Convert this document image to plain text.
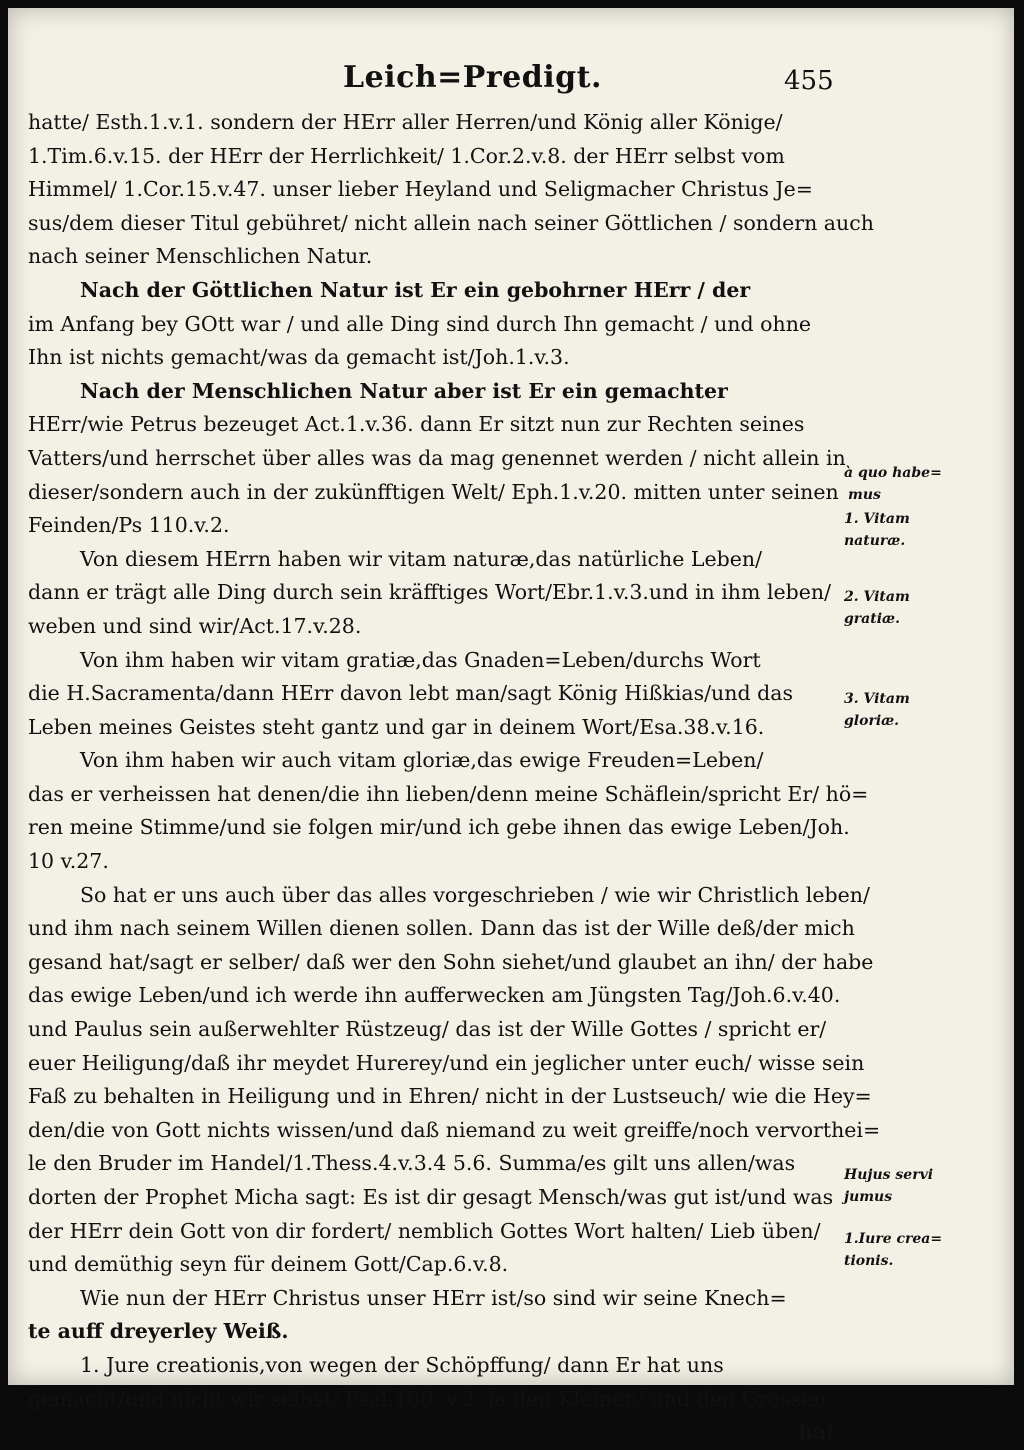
Leich=Predigt.	455
hatte/ Esth.1.v.1. sondern der HErr aller Herren/und König aller Könige/
1.Tim.6.v.15. der HErr der Herrlichkeit/ 1.Cor.2.v.8. der HErr selbst vom
Himmel/ 1.Cor.15.v.47. unser lieber Heyland und Seligmacher Christus Je=
sus/dem dieser Titul gebühret/ nicht allein nach seiner Göttlichen / sondern auch
nach seiner Menschlichen Natur.
Nach der Göttlichen Natur ist Er ein gebohrner HErr / der
im Anfang bey GOtt war / und alle Ding sind durch Ihn gemacht / und ohne
Ihn ist nichts gemacht/was da gemacht ist/Joh.1.v.3.
Nach der Menschlichen Natur aber ist Er ein gemachter
HErr/wie Petrus bezeuget Act.1.v.36. dann Er sitzt nun zur Rechten seines
Vatters/und herrschet über alles was da mag genennet werden / nicht allein in
dieser/sondern auch in der zukünfftigen Welt/ Eph.1.v.20. mitten unter seinen
Feinden/Ps 110.v.2.
Von diesem HErrn haben wir vitam naturæ,das natürliche Leben/
dann er trägt alle Ding durch sein kräfftiges Wort/Ebr.1.v.3.und in ihm leben/
weben und sind wir/Act.17.v.28.
Von ihm haben wir vitam gratiæ,das Gnaden=Leben/durchs Wort
die H.Sacramenta/dann HErr davon lebt man/sagt König Hißkias/und das
Leben meines Geistes steht gantz und gar in deinem Wort/Esa.38.v.16.
Von ihm haben wir auch vitam gloriæ,das ewige Freuden=Leben/
das er verheissen hat denen/die ihn lieben/denn meine Schäflein/spricht Er/ hö=
ren meine Stimme/und sie folgen mir/und ich gebe ihnen das ewige Leben/Joh.
10 v.27.
So hat er uns auch über das alles vorgeschrieben / wie wir Christlich leben/
und ihm nach seinem Willen dienen sollen. Dann das ist der Wille deß/der mich
gesand hat/sagt er selber/ daß wer den Sohn siehet/und glaubet an ihn/ der habe
das ewige Leben/und ich werde ihn aufferwecken am Jüngsten Tag/Joh.6.v.40.
und Paulus sein außerwehlter Rüstzeug/ das ist der Wille Gottes / spricht er/
euer Heiligung/daß ihr meydet Hurerey/und ein jeglicher unter euch/ wisse sein
Faß zu behalten in Heiligung und in Ehren/ nicht in der Lustseuch/ wie die Hey=
den/die von Gott nichts wissen/und daß niemand zu weit greiffe/noch vervorthei=
le den Bruder im Handel/1.Thess.4.v.3.4 5.6. Summa/es gilt uns allen/was
dorten der Prophet Micha sagt: Es ist dir gesagt Mensch/was gut ist/und was
der HErr dein Gott von dir fordert/ nemblich Gottes Wort halten/ Lieb üben/
und demüthig seyn für deinem Gott/Cap.6.v.8.
Wie nun der HErr Christus unser HErr ist/so sind wir seine Knech=
te auff dreyerley Weiß.
1. Jure creationis,von wegen der Schöpffung/ dann Er hat uns
gemacht/und nicht wir selbst/ Psal.100. v.2. ja den Kleinen/ und den Grossen
hat
à quo habe=
mus
1. Vitam
naturæ.
2. Vitam
gratiæ.
3. Vitam
gloriæ.
Hujus servi
jumus
1.Iure crea=
tionis.
